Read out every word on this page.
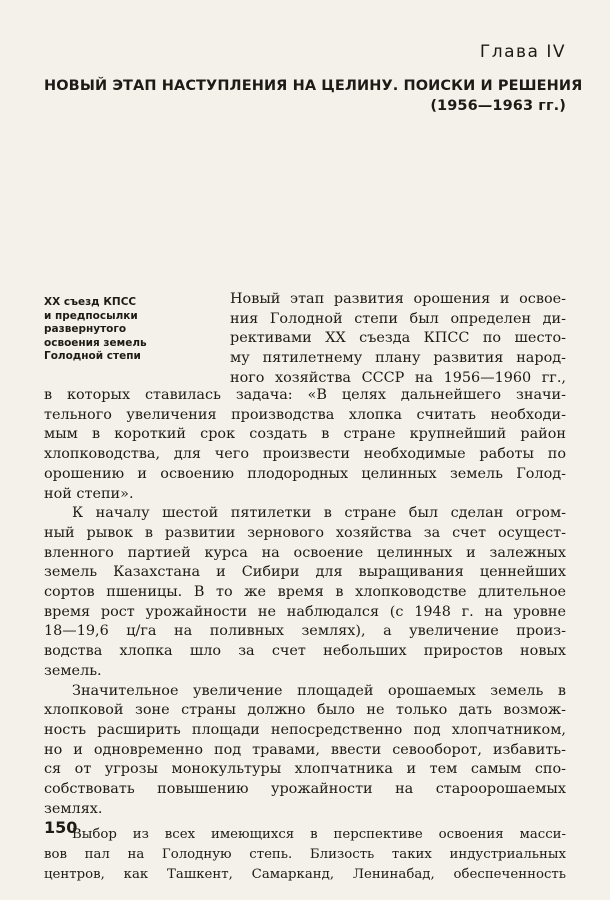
Глава IV
НОВЫЙ ЭТАП НАСТУПЛЕНИЯ НА ЦЕЛИНУ. ПОИСКИ И РЕШЕНИЯ
(1956—1963 гг.)
XX съезд КПСС
и предпосылки
развернутого
освоения земель
Голодной степи
Новый этап развития орошения и освое-
ния Голодной степи был определен ди-
рективами XX съезда КПСС по шесто-
му пятилетнему плану развития народ-
ного хозяйства СССР на 1956—1960 гг.,
в которых ставилась задача: «В целях дальнейшего значи-
тельного увеличения производства хлопка считать необходи-
мым в короткий срок создать в стране крупнейший район
хлопководства, для чего произвести необходимые работы по
орошению и освоению плодородных целинных земель Голод-
ной степи».
К началу шестой пятилетки в стране был сделан огром-
ный рывок в развитии зернового хозяйства за счет осущест-
вленного партией курса на освоение целинных и залежных
земель Казахстана и Сибири для выращивания ценнейших
сортов пшеницы. В то же время в хлопководстве длительное
время рост урожайности не наблюдался (с 1948 г. на уровне
18—19,6 ц/га на поливных землях), а увеличение произ-
водства хлопка шло за счет небольших приростов новых
земель.
Значительное увеличение площадей орошаемых земель в
хлопковой зоне страны должно было не только дать возмож-
ность расширить площади непосредственно под хлопчатником,
но и одновременно под травами, ввести севооборот, избавить-
ся от угрозы монокультуры хлопчатника и тем самым спо-
собствовать повышению урожайности на староорошаемых
землях.
Выбор из всех имеющихся в перспективе освоения масси-
вов пал на Голодную степь. Близость таких индустриальных
центров, как Ташкент, Самарканд, Ленинабад, обеспеченность
150
